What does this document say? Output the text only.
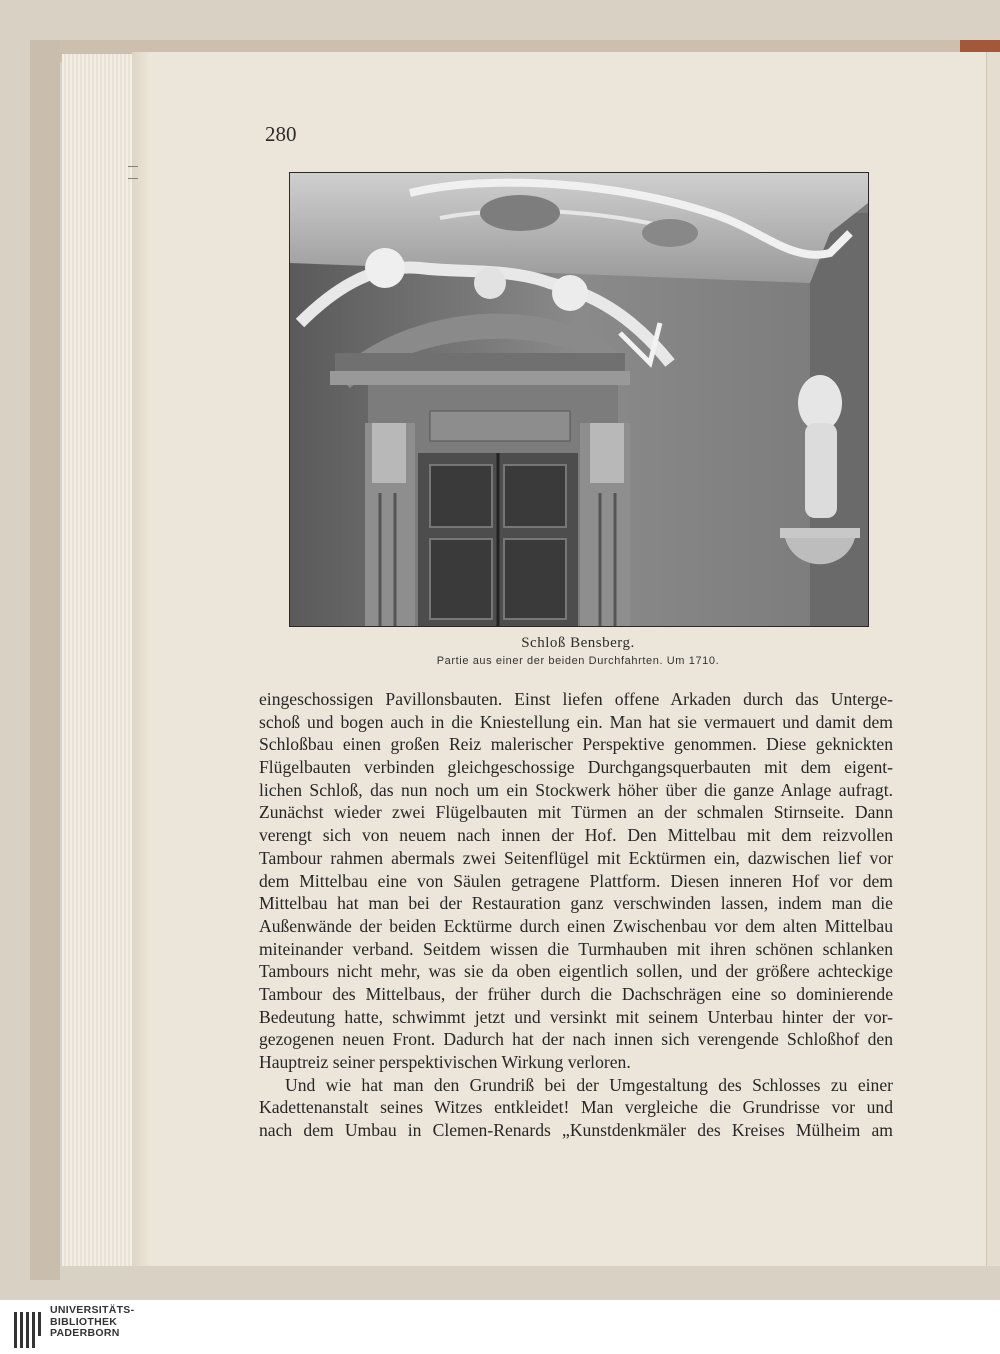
280
Schloß Bensberg.
Partie aus einer der beiden Durchfahrten. Um 1710.
eingeschossigen Pavillonsbauten. Einst liefen offene Arkaden durch das Unterge-
schoß und bogen auch in die Kniestellung ein. Man hat sie vermauert und damit dem
Schloßbau einen großen Reiz malerischer Perspektive genommen. Diese geknickten
Flügelbauten verbinden gleichgeschossige Durchgangsquerbauten mit dem eigent-
lichen Schloß, das nun noch um ein Stockwerk höher über die ganze Anlage aufragt.
Zunächst wieder zwei Flügelbauten mit Türmen an der schmalen Stirnseite. Dann
verengt sich von neuem nach innen der Hof. Den Mittelbau mit dem reizvollen
Tambour rahmen abermals zwei Seitenflügel mit Ecktürmen ein, dazwischen lief vor
dem Mittelbau eine von Säulen getragene Plattform. Diesen inneren Hof vor dem
Mittelbau hat man bei der Restauration ganz verschwinden lassen, indem man die
Außenwände der beiden Ecktürme durch einen Zwischenbau vor dem alten Mittelbau
miteinander verband. Seitdem wissen die Turmhauben mit ihren schönen schlanken
Tambours nicht mehr, was sie da oben eigentlich sollen, und der größere achteckige
Tambour des Mittelbaus, der früher durch die Dachschrägen eine so dominierende
Bedeutung hatte, schwimmt jetzt und versinkt mit seinem Unterbau hinter der vor-
gezogenen neuen Front. Dadurch hat der nach innen sich verengende Schloßhof den
Hauptreiz seiner perspektivischen Wirkung verloren.
Und wie hat man den Grundriß bei der Umgestaltung des Schlosses zu einer
Kadettenanstalt seines Witzes entkleidet! Man vergleiche die Grundrisse vor und
nach dem Umbau in Clemen-Renards „Kunstdenkmäler des Kreises Mülheim am
UNIVERSITÄTS-
BIBLIOTHEK
PADERBORN
